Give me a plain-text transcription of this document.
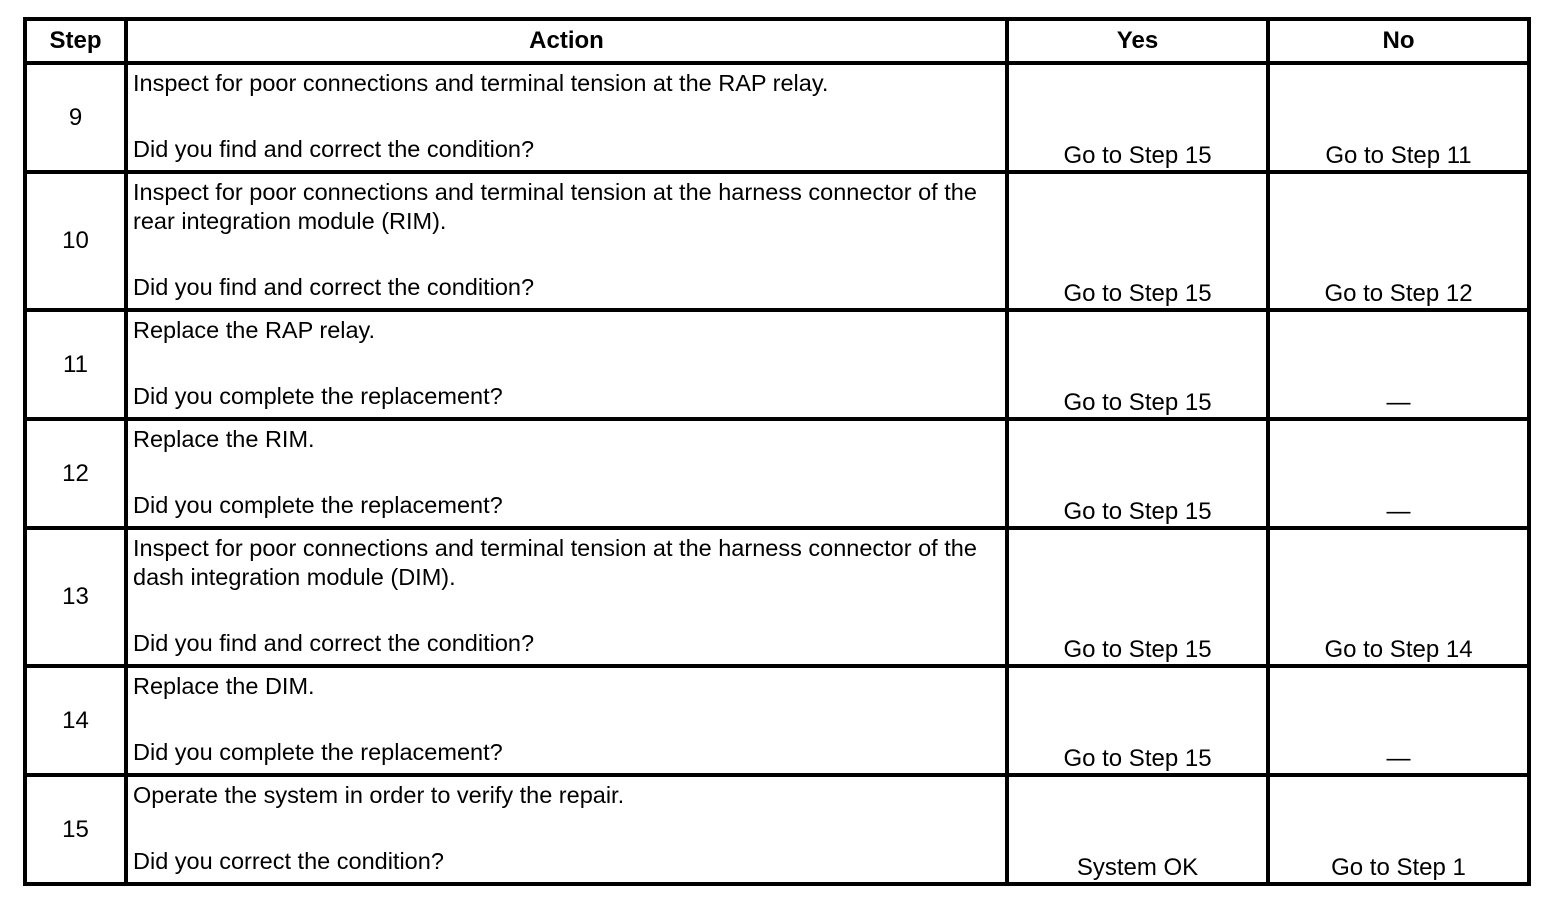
Step	Action	Yes	No
9	Inspect for poor connections and terminal tension at the RAP relay.
Did you find and correct the condition?	Go to Step 15	Go to Step 11
10	Inspect for poor connections and terminal tension at the harness connector of the rear integration module (RIM).
Did you find and correct the condition?	Go to Step 15	Go to Step 12
11	Replace the RAP relay.
Did you complete the replacement?	Go to Step 15	—
12	Replace the RIM.
Did you complete the replacement?	Go to Step 15	—
13	Inspect for poor connections and terminal tension at the harness connector of the dash integration module (DIM).
Did you find and correct the condition?	Go to Step 15	Go to Step 14
14	Replace the DIM.
Did you complete the replacement?	Go to Step 15	—
15	Operate the system in order to verify the repair.
Did you correct the condition?	System OK	Go to Step 1
